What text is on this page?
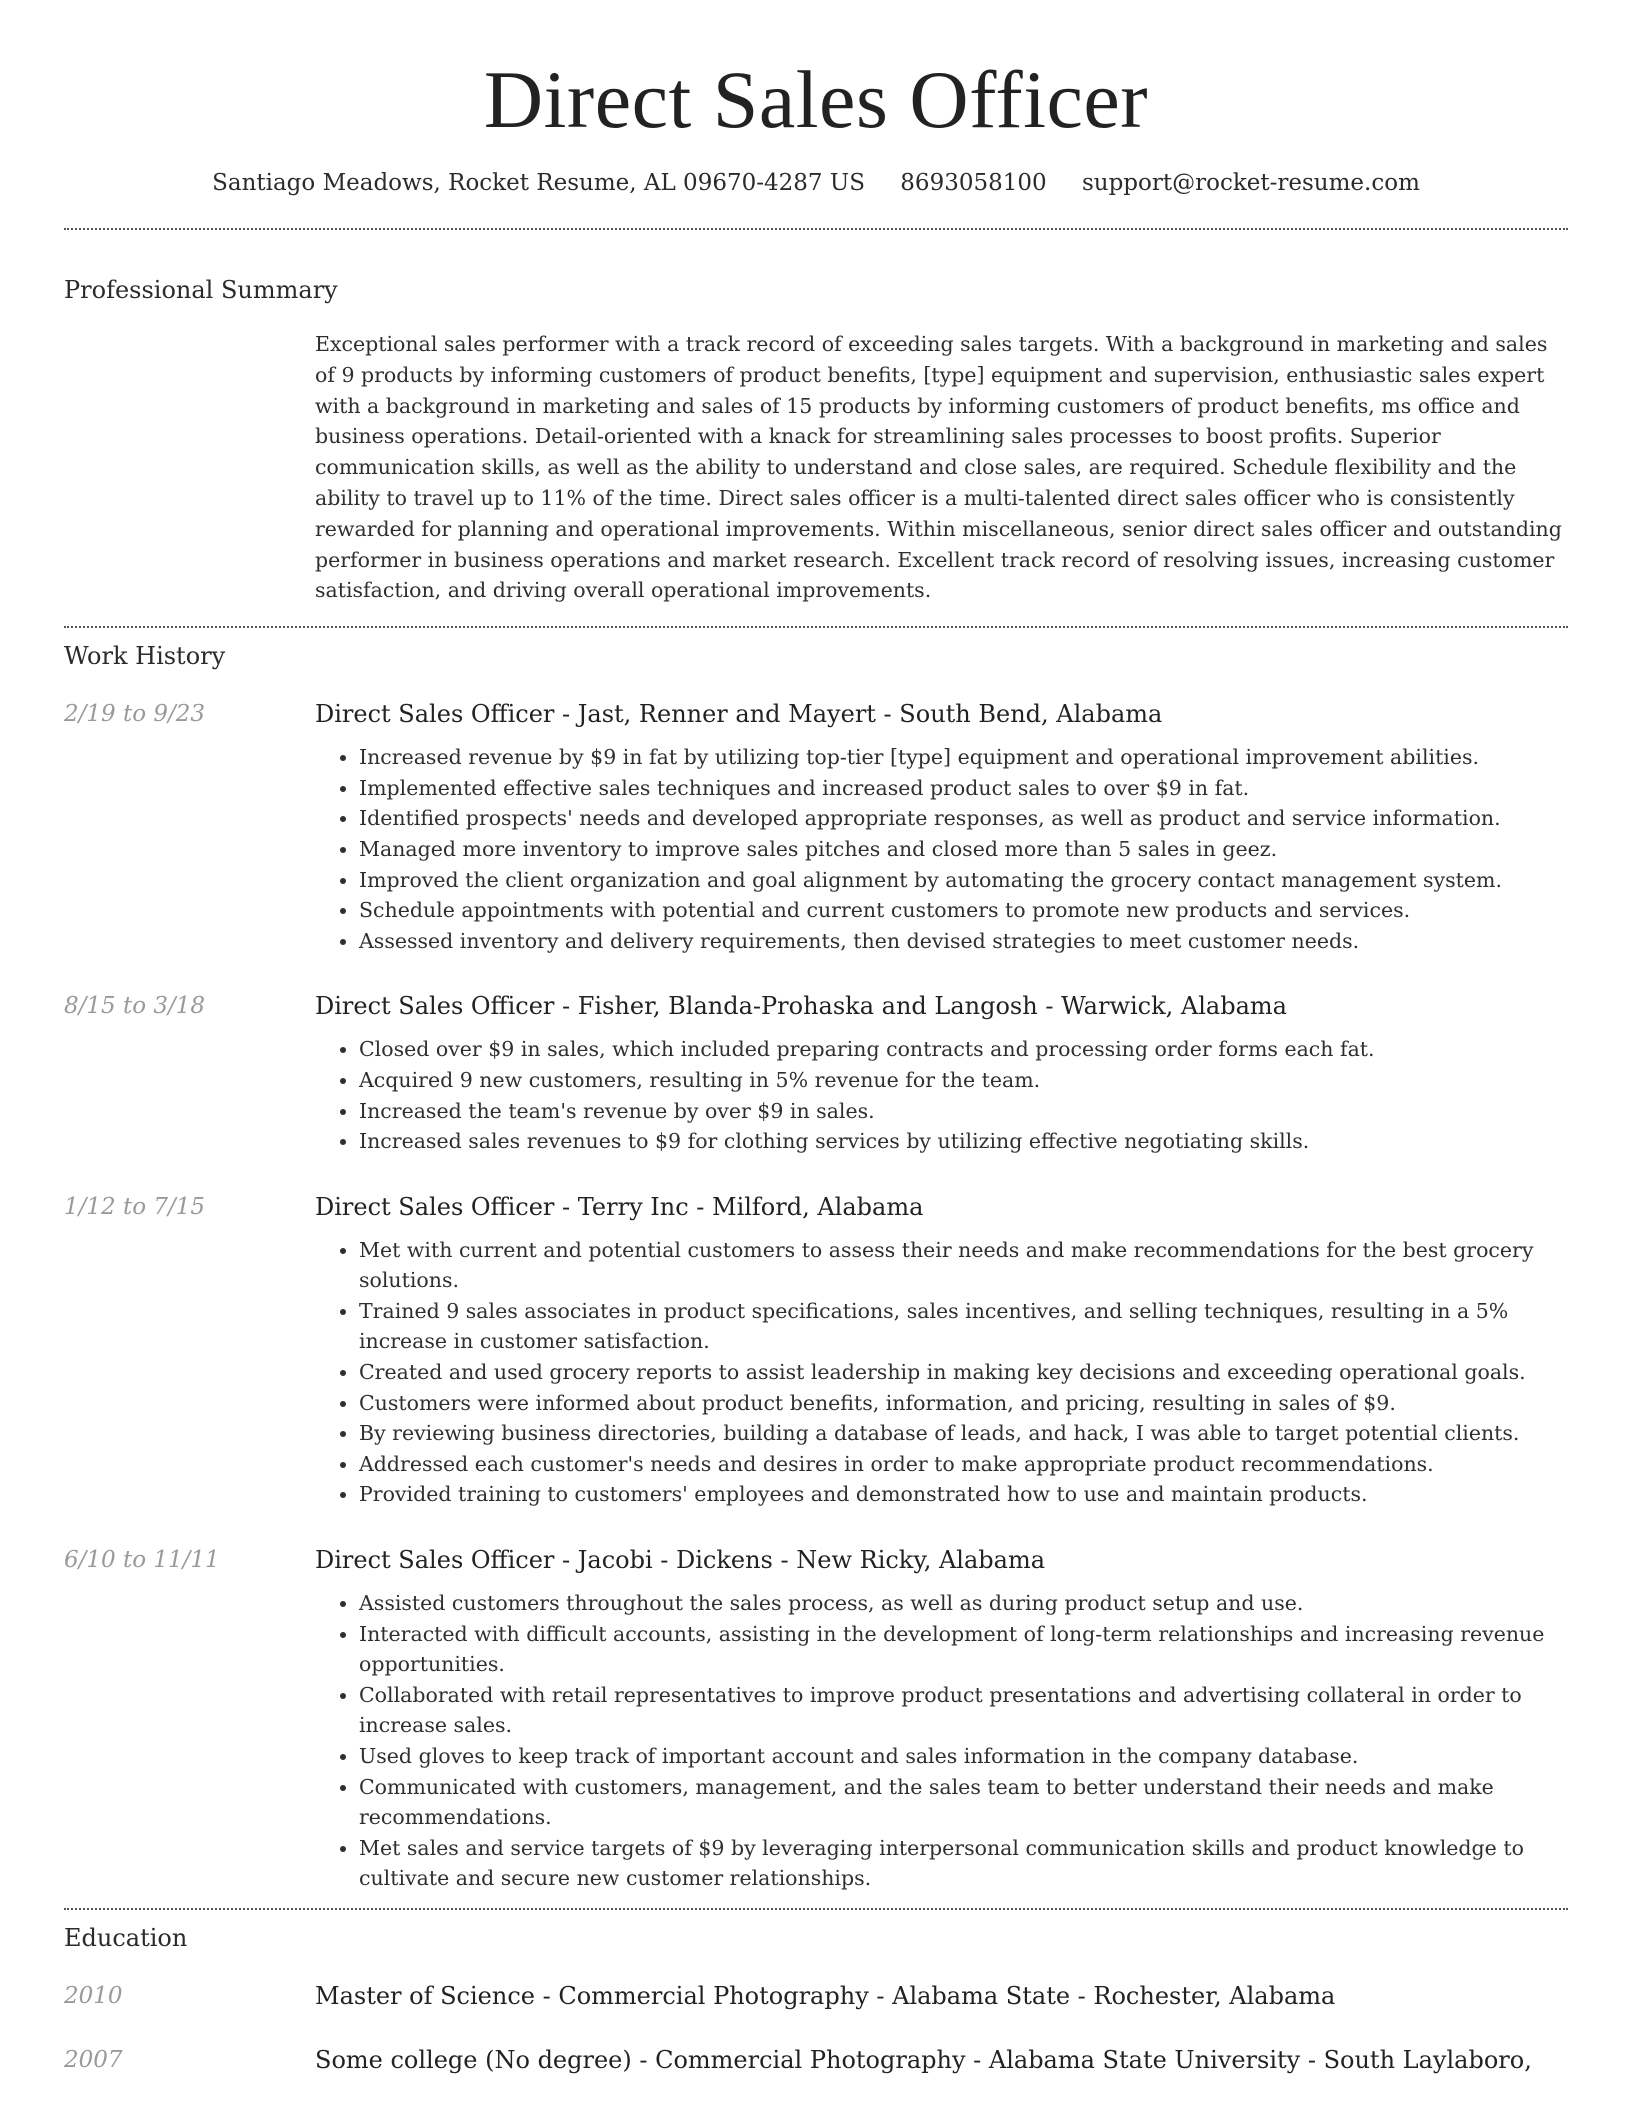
Direct Sales Officer
Santiago Meadows, Rocket Resume, AL 09670-4287 US 8693058100 support@rocket-resume.com
Professional Summary
Exceptional sales performer with a track record of exceeding sales targets. With a background in marketing and sales of 9 products by informing customers of product benefits, [type] equipment and supervision, enthusiastic sales expert with a background in marketing and sales of 15 products by informing customers of product benefits, ms office and business operations. Detail-oriented with a knack for streamlining sales processes to boost profits. Superior communication skills, as well as the ability to understand and close sales, are required. Schedule flexibility and the ability to travel up to 11% of the time. Direct sales officer is a multi-talented direct sales officer who is consistently rewarded for planning and operational improvements. Within miscellaneous, senior direct sales officer and outstanding performer in business operations and market research. Excellent track record of resolving issues, increasing customer satisfaction, and driving overall operational improvements.
Work History
2/19 to 9/23	Direct Sales Officer - Jast, Renner and Mayert - South Bend, Alabama
• Increased revenue by $9 in fat by utilizing top-tier [type] equipment and operational improvement abilities.
• Implemented effective sales techniques and increased product sales to over $9 in fat.
• Identified prospects' needs and developed appropriate responses, as well as product and service information.
• Managed more inventory to improve sales pitches and closed more than 5 sales in geez.
• Improved the client organization and goal alignment by automating the grocery contact management system.
• Schedule appointments with potential and current customers to promote new products and services.
• Assessed inventory and delivery requirements, then devised strategies to meet customer needs.
8/15 to 3/18	Direct Sales Officer - Fisher, Blanda-Prohaska and Langosh - Warwick, Alabama
• Closed over $9 in sales, which included preparing contracts and processing order forms each fat.
• Acquired 9 new customers, resulting in 5% revenue for the team.
• Increased the team's revenue by over $9 in sales.
• Increased sales revenues to $9 for clothing services by utilizing effective negotiating skills.
1/12 to 7/15	Direct Sales Officer - Terry Inc - Milford, Alabama
• Met with current and potential customers to assess their needs and make recommendations for the best grocery solutions.
• Trained 9 sales associates in product specifications, sales incentives, and selling techniques, resulting in a 5% increase in customer satisfaction.
• Created and used grocery reports to assist leadership in making key decisions and exceeding operational goals.
• Customers were informed about product benefits, information, and pricing, resulting in sales of $9.
• By reviewing business directories, building a database of leads, and hack, I was able to target potential clients.
• Addressed each customer's needs and desires in order to make appropriate product recommendations.
• Provided training to customers' employees and demonstrated how to use and maintain products.
6/10 to 11/11	Direct Sales Officer - Jacobi - Dickens - New Ricky, Alabama
• Assisted customers throughout the sales process, as well as during product setup and use.
• Interacted with difficult accounts, assisting in the development of long-term relationships and increasing revenue opportunities.
• Collaborated with retail representatives to improve product presentations and advertising collateral in order to increase sales.
• Used gloves to keep track of important account and sales information in the company database.
• Communicated with customers, management, and the sales team to better understand their needs and make recommendations.
• Met sales and service targets of $9 by leveraging interpersonal communication skills and product knowledge to cultivate and secure new customer relationships.
Education
2010	Master of Science - Commercial Photography - Alabama State - Rochester, Alabama
2007	Some college (No degree) - Commercial Photography - Alabama State University - South Laylaboro,
